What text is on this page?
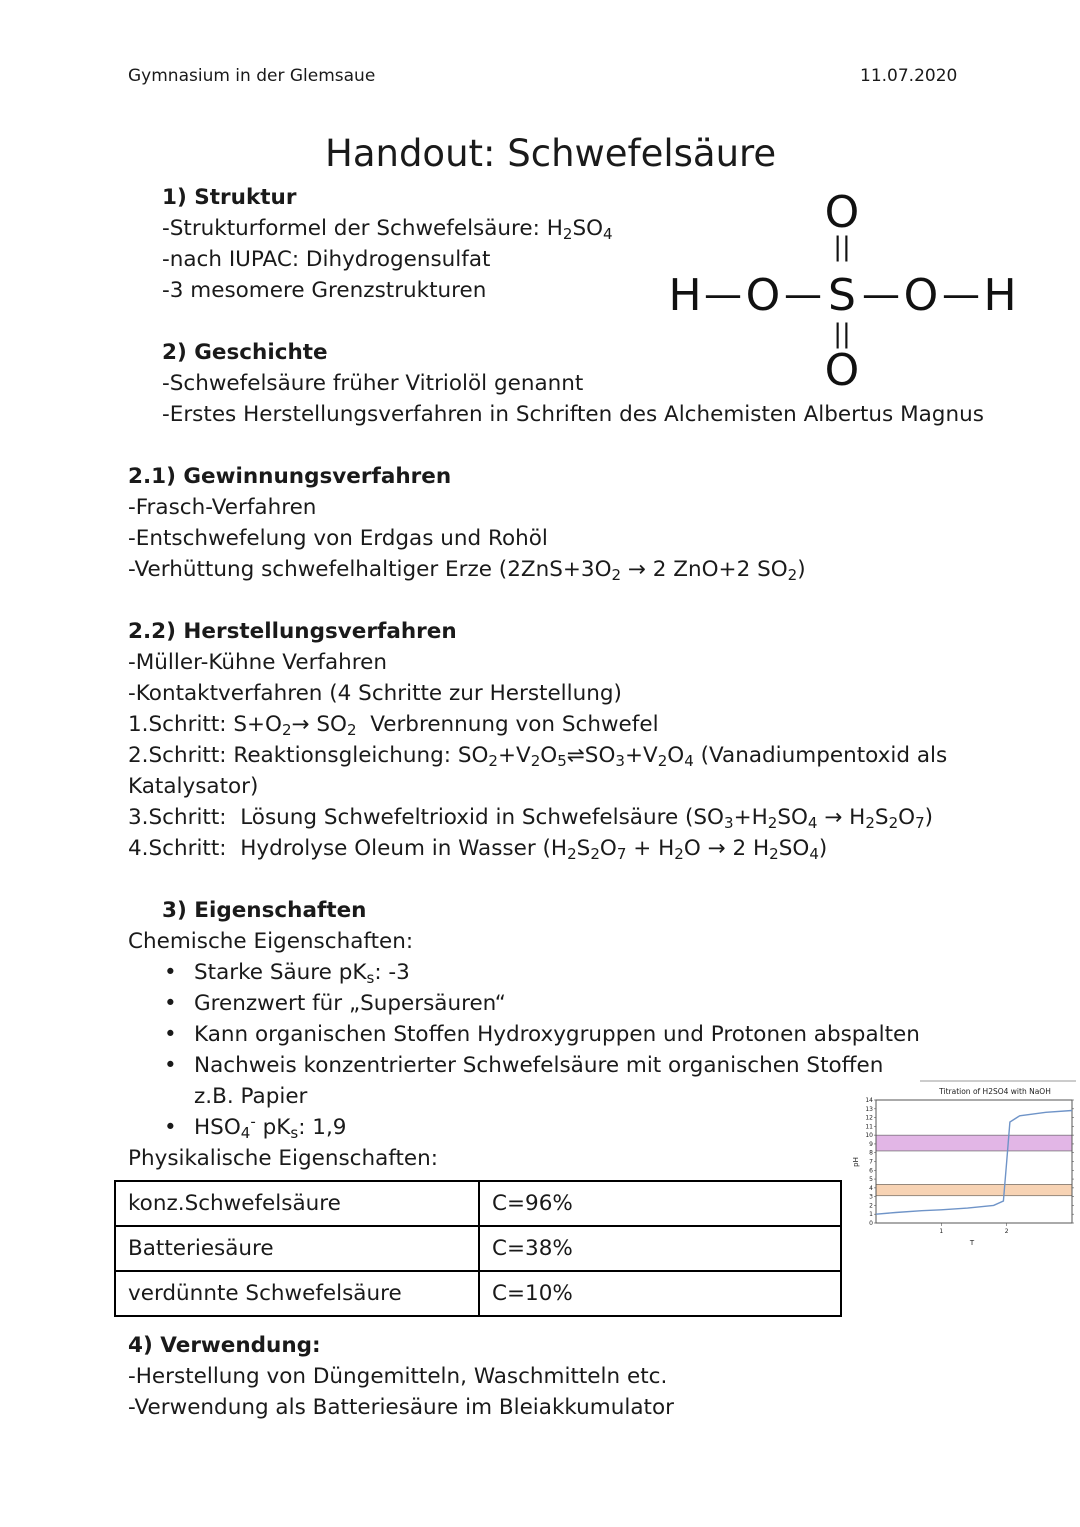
Gymnasium in der Glemsaue	11.07.2020
Handout: Schwefelsäure
1) Struktur
-Strukturformel der Schwefelsäure: $H_2SO_4$
-nach IUPAC: Dihydrogensulfat
-3 mesomere Grenzstrukturen
O
||
H — O — S — O — H
||
O
2) Geschichte
-Schwefelsäure früher Vitriolöl genannt
-Erstes Herstellungsverfahren in Schriften des Alchemisten Albertus Magnus
2.1) Gewinnungsverfahren
-Frasch-Verfahren
-Entschwefelung von Erdgas und Rohöl
-Verhüttung schwefelhaltiger Erze ($2ZnS+3O_2 \to 2$ ZnO+2 $SO_2$)
2.2) Herstellungsverfahren
-Müller-Kühne Verfahren
-Kontaktverfahren (4 Schritte zur Herstellung)
1.Schritt: $S+O_2\to SO_2$  Verbrennung von Schwefel
2.Schritt: Reaktionsgleichung: $SO_2+V_2O_5\rightleftharpoons SO_3+V_2O_4$ (Vanadiumpentoxid als
Katalysator)
3.Schritt:  Lösung Schwefeltrioxid in Schwefelsäure $(SO_3+H_2SO_4 \to H_2S_2O_7)$
4.Schritt:  Hydrolyse Oleum in Wasser ($H_2S_2O_7 + H_2O \to 2$ $H_2SO_4$)
3) Eigenschaften
Chemische Eigenschaften:
• Starke Säure $pK_s$: -3
• Grenzwert für „Supersäuren“
• Kann organischen Stoffen Hydroxygruppen und Protonen abspalten
• Nachweis konzentrierter Schwefelsäure mit organischen Stoffen
z.B. Papier
• $HSO_4^-$ $pK_s$: 1,9
Physikalische Eigenschaften:
konz.Schwefelsäure	C=96%
Batteriesäure	C=38%
verdünnte Schwefelsäure	C=10%
Titration of H2SO4 with NaOH
pH
T
0
1
2
3
4
5
6
7
8
9
10
11
12
13
14
1	2
4) Verwendung:
-Herstellung von Düngemitteln, Waschmitteln etc.
-Verwendung als Batteriesäure im Bleiakkumulator
